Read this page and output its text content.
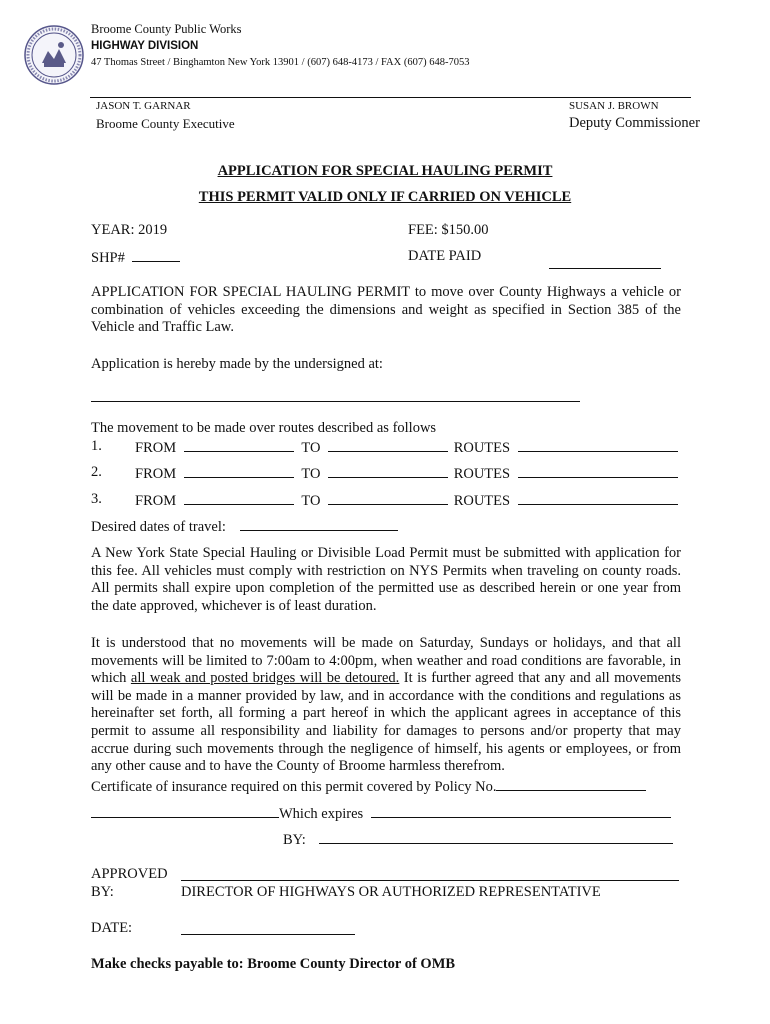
Broome County Public Works
HIGHWAY DIVISION
47 Thomas Street / Binghamton New York 13901 / (607) 648-4173 / FAX (607) 648-7053
JASON T. GARNAR
Broome County Executive
SUSAN J. BROWN
Deputy Commissioner
APPLICATION FOR SPECIAL HAULING PERMIT
THIS PERMIT VALID ONLY IF CARRIED ON VEHICLE
YEAR: 2019	FEE: $150.00
SHP#	DATE PAID
APPLICATION FOR SPECIAL HAULING PERMIT to move over County Highways a vehicle or combination of vehicles exceeding the dimensions and weight as specified in Section 385 of the Vehicle and Traffic Law.
Application is hereby made by the undersigned at:
The movement to be made over routes described as follows
1. FROM	TO	ROUTES
2. FROM	TO	ROUTES
3. FROM	TO	ROUTES
Desired dates of travel:
A New York State Special Hauling or Divisible Load Permit must be submitted with application for this fee. All vehicles must comply with restriction on NYS Permits when traveling on county roads. All permits shall expire upon completion of the permitted use as described herein or one year from the date approved, whichever is of least duration.
It is understood that no movements will be made on Saturday, Sundays or holidays, and that all movements will be limited to 7:00am to 4:00pm, when weather and road conditions are favorable, in which all weak and posted bridges will be detoured. It is further agreed that any and all movements will be made in a manner provided by law, and in accordance with the conditions and regulations as hereinafter set forth, all forming a part hereof in which the applicant agrees in acceptance of this permit to assume all responsibility and liability for damages to persons and/or property that may accrue during such movements through the negligence of himself, his agents or employees, or from any other cause and to have the County of Broome harmless therefrom.
Certificate of insurance required on this permit covered by Policy No.
Which expires
BY:
APPROVED
BY:	DIRECTOR OF HIGHWAYS OR AUTHORIZED REPRESENTATIVE
DATE:
Make checks payable to: Broome County Director of OMB
